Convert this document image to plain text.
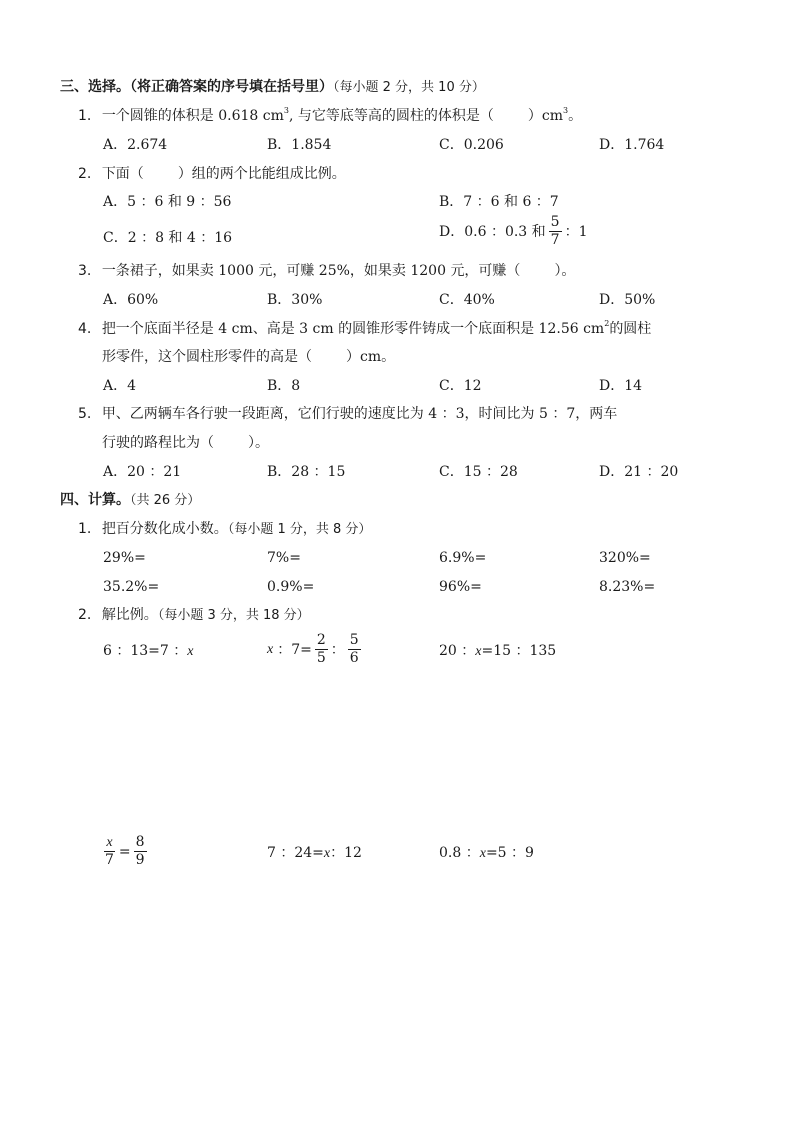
三、选择。（将正确答案的序号填在括号里）（每小题 2 分，共 10 分）
1. 一个圆锥的体积是 0.618 $cm^3$, 与它等底等高的圆柱的体积是（ ）$cm^3$。
A．2.674	B．1.854	C．0.206	D．1.764
2. 下面（ ）组的两个比能组成比例。
A．5 ：6 和 9 ：56	B．7 ：6 和 6 ：7
C．2 ：8 和 4 ：16	D．0.6 ：0.3 和 $\frac{5}{7}$ ：1
3. 一条裙子，如果卖 1000 元，可赚 25%，如果卖 1200 元，可赚（ ）。
A．60%	B．30%	C．40%	D．50%
4. 把一个底面半径是 4 cm、高是 3 cm 的圆锥形零件铸成一个底面积是 12.56 $cm^2$的圆柱
形零件，这个圆柱形零件的高是（ ）cm。
A．4	B．8	C．12	D．14
5. 甲、乙两辆车各行驶一段距离，它们行驶的速度比为 4 ：3，时间比为 5 ：7，两车
行驶的路程比为（ ）。
A．20 ：21	B．28 ：15	C．15 ：28	D．21 ：20
四、计算。（共 26 分）
1. 把百分数化成小数。（每小题 1 分，共 8 分）
29%=	7%=	6.9%=	320%=
35.2%=	0.9%=	96%=	8.23%=
2. 解比例。（每小题 3 分，共 18 分）
6 ：13=7 ：x	x ：$7= \frac{2}{5}$ ： $\frac{5}{6}$	20 ：x=15 ：135
$\frac{x}{7} = \frac{8}{9}$	7 ：24=x：12	0.8 ：x=5 ：9
